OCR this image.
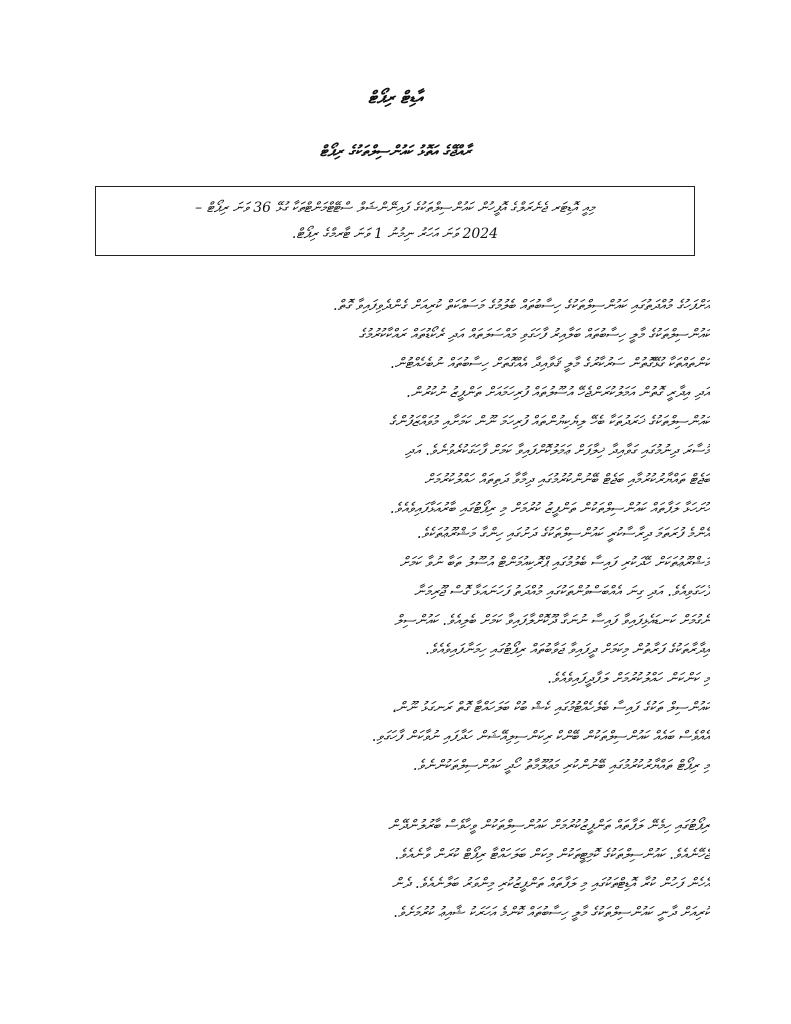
އާޑިޓް ރިޕޯޓް
ރާއްޖޭގެ އަތޮޅު ކައުންސިލްތަކުގެ ރިޕޯޓް

މިއީ އޮޑިޓަރ ޖެނެރަލްގެ އޮފީހުން ކައުންސިލްތަކުގެ ފައިނޭންޝަލް ސްޓޭޓްމަންޓްތަކާ ގުޅޭ 36 ވަނަ ރިޕޯޓް –

2024 ވަނަ އަހަރު ނިމުނު 1 ވަނަ ޓާރމްގެ ރިޕޯޓް.

އަށްފަހުގެ މުއްދަތުގައި ކައުންސިލްތަކުގެ ހިސާބުތައް ބެލުމުގެ މަސައްކަތް ކުރިއަށް ގެންދެވިފައިވާ ގޮތް.
ކައުންސިލްތަކުގެ މާލީ ހިސާބުތައް ބަލާއިރު ފާހަގަވި މައްސަލަތައް އަދި ރެކޯޑުތައް ރައްކާކުރުމުގެ
ކަންތައްތަކާ ގުޅޭގޮތުން ސަރުކާރުގެ މާލީ ޤަވާއިދާ އެއްގޮތަށް ހިސާބުތައް ނުބެހެއްޓުން.
އަދި އިދާރީ ގޮތުން އަމަލުކުރަންޖެހޭ އުސޫލުތައް ފުރިހަމައަށް ތަންފީޒު ނުކުރުން.
ކައުންސިލްތަކުގެ ޚަރަދުތަކާ ބެހޭ ލިޔެކިޔުންތައް ފުރިހަމަ ނޫން ކަމަށާއި މުވައްޒަފުންގެ
މުސާރަ ދިނުމުގައި ގަވާއިދާ ޚިލާފަށް ޢަމަލުކޮށްފައިވާ ކަމަށް ފާހަގަކުރެވުނެވެ. އަދި
ބަޖެޓް ތައްޔާރުކުރުމާއި ބަޖެޓް ބޭނުންކުރުމުގައި ދިމާވާ ދަތިތައް ހައްލުކުރުމަށް
ހުށަހަޅާ ލަފާތައް ކައުންސިލްތަކުން ތަންފީޒު ކުރުމަށް މި ރިޕޯޓުގައި ބާރުއަޅާފައިވެއެވެ.
އެންމެ ފުރަތަމަ ދިރާސާކުރީ ކައުންސިލްތަކުގެ ދަށުގައި ހިންގާ މަޝްރޫޢުތަކެވެ.
މަޝްރޫޢުތަކަށް ހޭދަކުރި ފައިސާ ބެލުމުގައި ޕްރޮކިއުމަންޓް އުސޫލު ތަބާ ނުވާ ކަމަށް
ފާހަގަވިއެވެ. އަދި ގިނަ އެއްބަސްވުންތަކުގައި މުއްދަތު ފަހަނައަޅާ ގޮސް ޖޫރިމަނާ
ނެގުމަށް ކަނޑައެޅިފައިވާ ފައިސާ ނުނަގާ ދޫކޮށްލާފައިވާ ކަމަށް ބެލިއެވެ. ކައުންސިލް
އިދާރާތަކުގެ ފަރާތުން މިކަމަށް ދީފައިވާ ޖަވާބުތައް ރިޕޯޓުގައި ހިމަނާފައިވެއެވެ.
މި ކަންކަން ހައްލުކުރުމަށް ލަފާދީފައިވެއެވެ.
ކައުންސިލް ތަކުގެ ފައިސާ ބެލެހެއްޓުމުގައި ކެޝް ބުކް ބަލަހައްޓާ ގޮތް ރަނގަޅު ނޫން،
އެއްވެސް ބައެއް ކައުންސިލްތަކުން ބޭންކް ރިކަންސިލިއޭޝަން ހަދާފައި ނުވާކަން ފާހަގަވި.
މި ރިޕޯޓް ތައްޔާރުކުރުމުގައި ބޭނުންކުރި މަޢުލޫމާތު ހޯދީ ކައުންސިލްތަކުންނެވެ.
ރިޕޯޓުގައި ހިމެނޭ ލަފާތައް ތަންފީޒުކުރުމަށް ކައުންސިލްތަކުން ވީހާވެސް ބާރުލުންދޭން
ޖެހޭނެއެވެ. ކައުންސިލްތަކުގެ ކޮމިޓީތަކުން މިކަން ބަލަހައްޓާ ރިޕޯޓް ކުރަން ވާނެއެވެ.
އެހެން ފަހުން ކުރާ އޮޑިޓްތަކުގައި މި ލަފާތައް ތަންފީޒުކުރި މިންވަރު ބަލާނެއެވެ. ދެން
ކުރިއަށް ދާނީ ކައުންސިލްތަކުގެ މާލީ ހިސާބުތައް ކޮންމެ އަހަރަކު ޝާއިޢު ކުރުމަށެވެ.
